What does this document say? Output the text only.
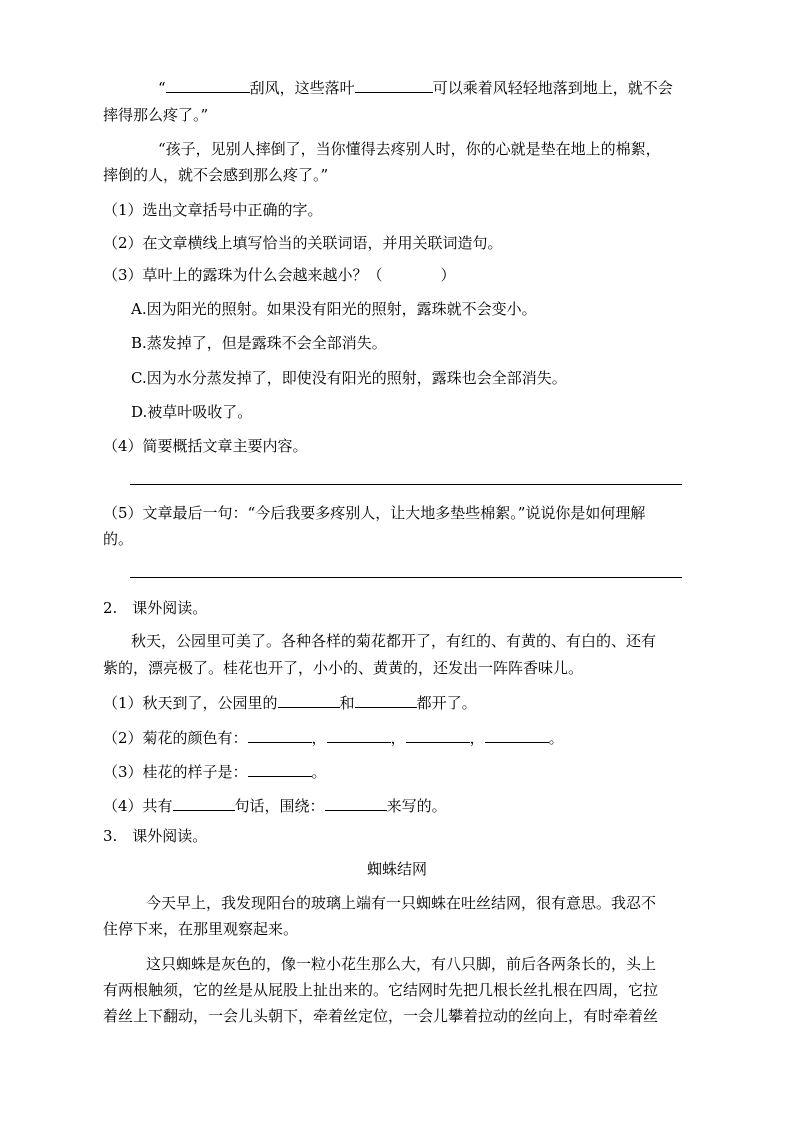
“	刮风，这些落叶	可以乘着风轻轻地落到地上，就不会
摔得那么疼了。”
“孩子，见别人摔倒了，当你懂得去疼别人时，你的心就是垫在地上的棉絮，
摔倒的人，就不会感到那么疼了。”
（1）选出文章括号中正确的字。
（2）在文章横线上填写恰当的关联词语，并用关联词造句。
（3）草叶上的露珠为什么会越来越小？（	）
A.因为阳光的照射。如果没有阳光的照射，露珠就不会变小。
B.蒸发掉了，但是露珠不会全部消失。
C.因为水分蒸发掉了，即使没有阳光的照射，露珠也会全部消失。
D.被草叶吸收了。
（4）简要概括文章主要内容。
（5）文章最后一句：“今后我要多疼别人，让大地多垫些棉絮。”说说你是如何理解
的。
2.　课外阅读。
秋天，公园里可美了。各种各样的菊花都开了，有红的、有黄的、有白的、还有
紫的，漂亮极了。桂花也开了，小小的、黄黄的，还发出一阵阵香味儿。
（1）秋天到了，公园里的	和	都开了。
（2）菊花的颜色有：	，	，	，	。
（3）桂花的样子是：	。
（4）共有	句话，围绕：	来写的。
3.　课外阅读。
蜘蛛结网
今天早上，我发现阳台的玻璃上端有一只蜘蛛在吐丝结网，很有意思。我忍不
住停下来，在那里观察起来。
这只蜘蛛是灰色的，像一粒小花生那么大，有八只脚，前后各两条长的，头上
有两根触须，它的丝是从屁股上扯出来的。它结网时先把几根长丝扎根在四周，它拉
着丝上下翻动，一会儿头朝下，牵着丝定位，一会儿攀着拉动的丝向上，有时牵着丝
